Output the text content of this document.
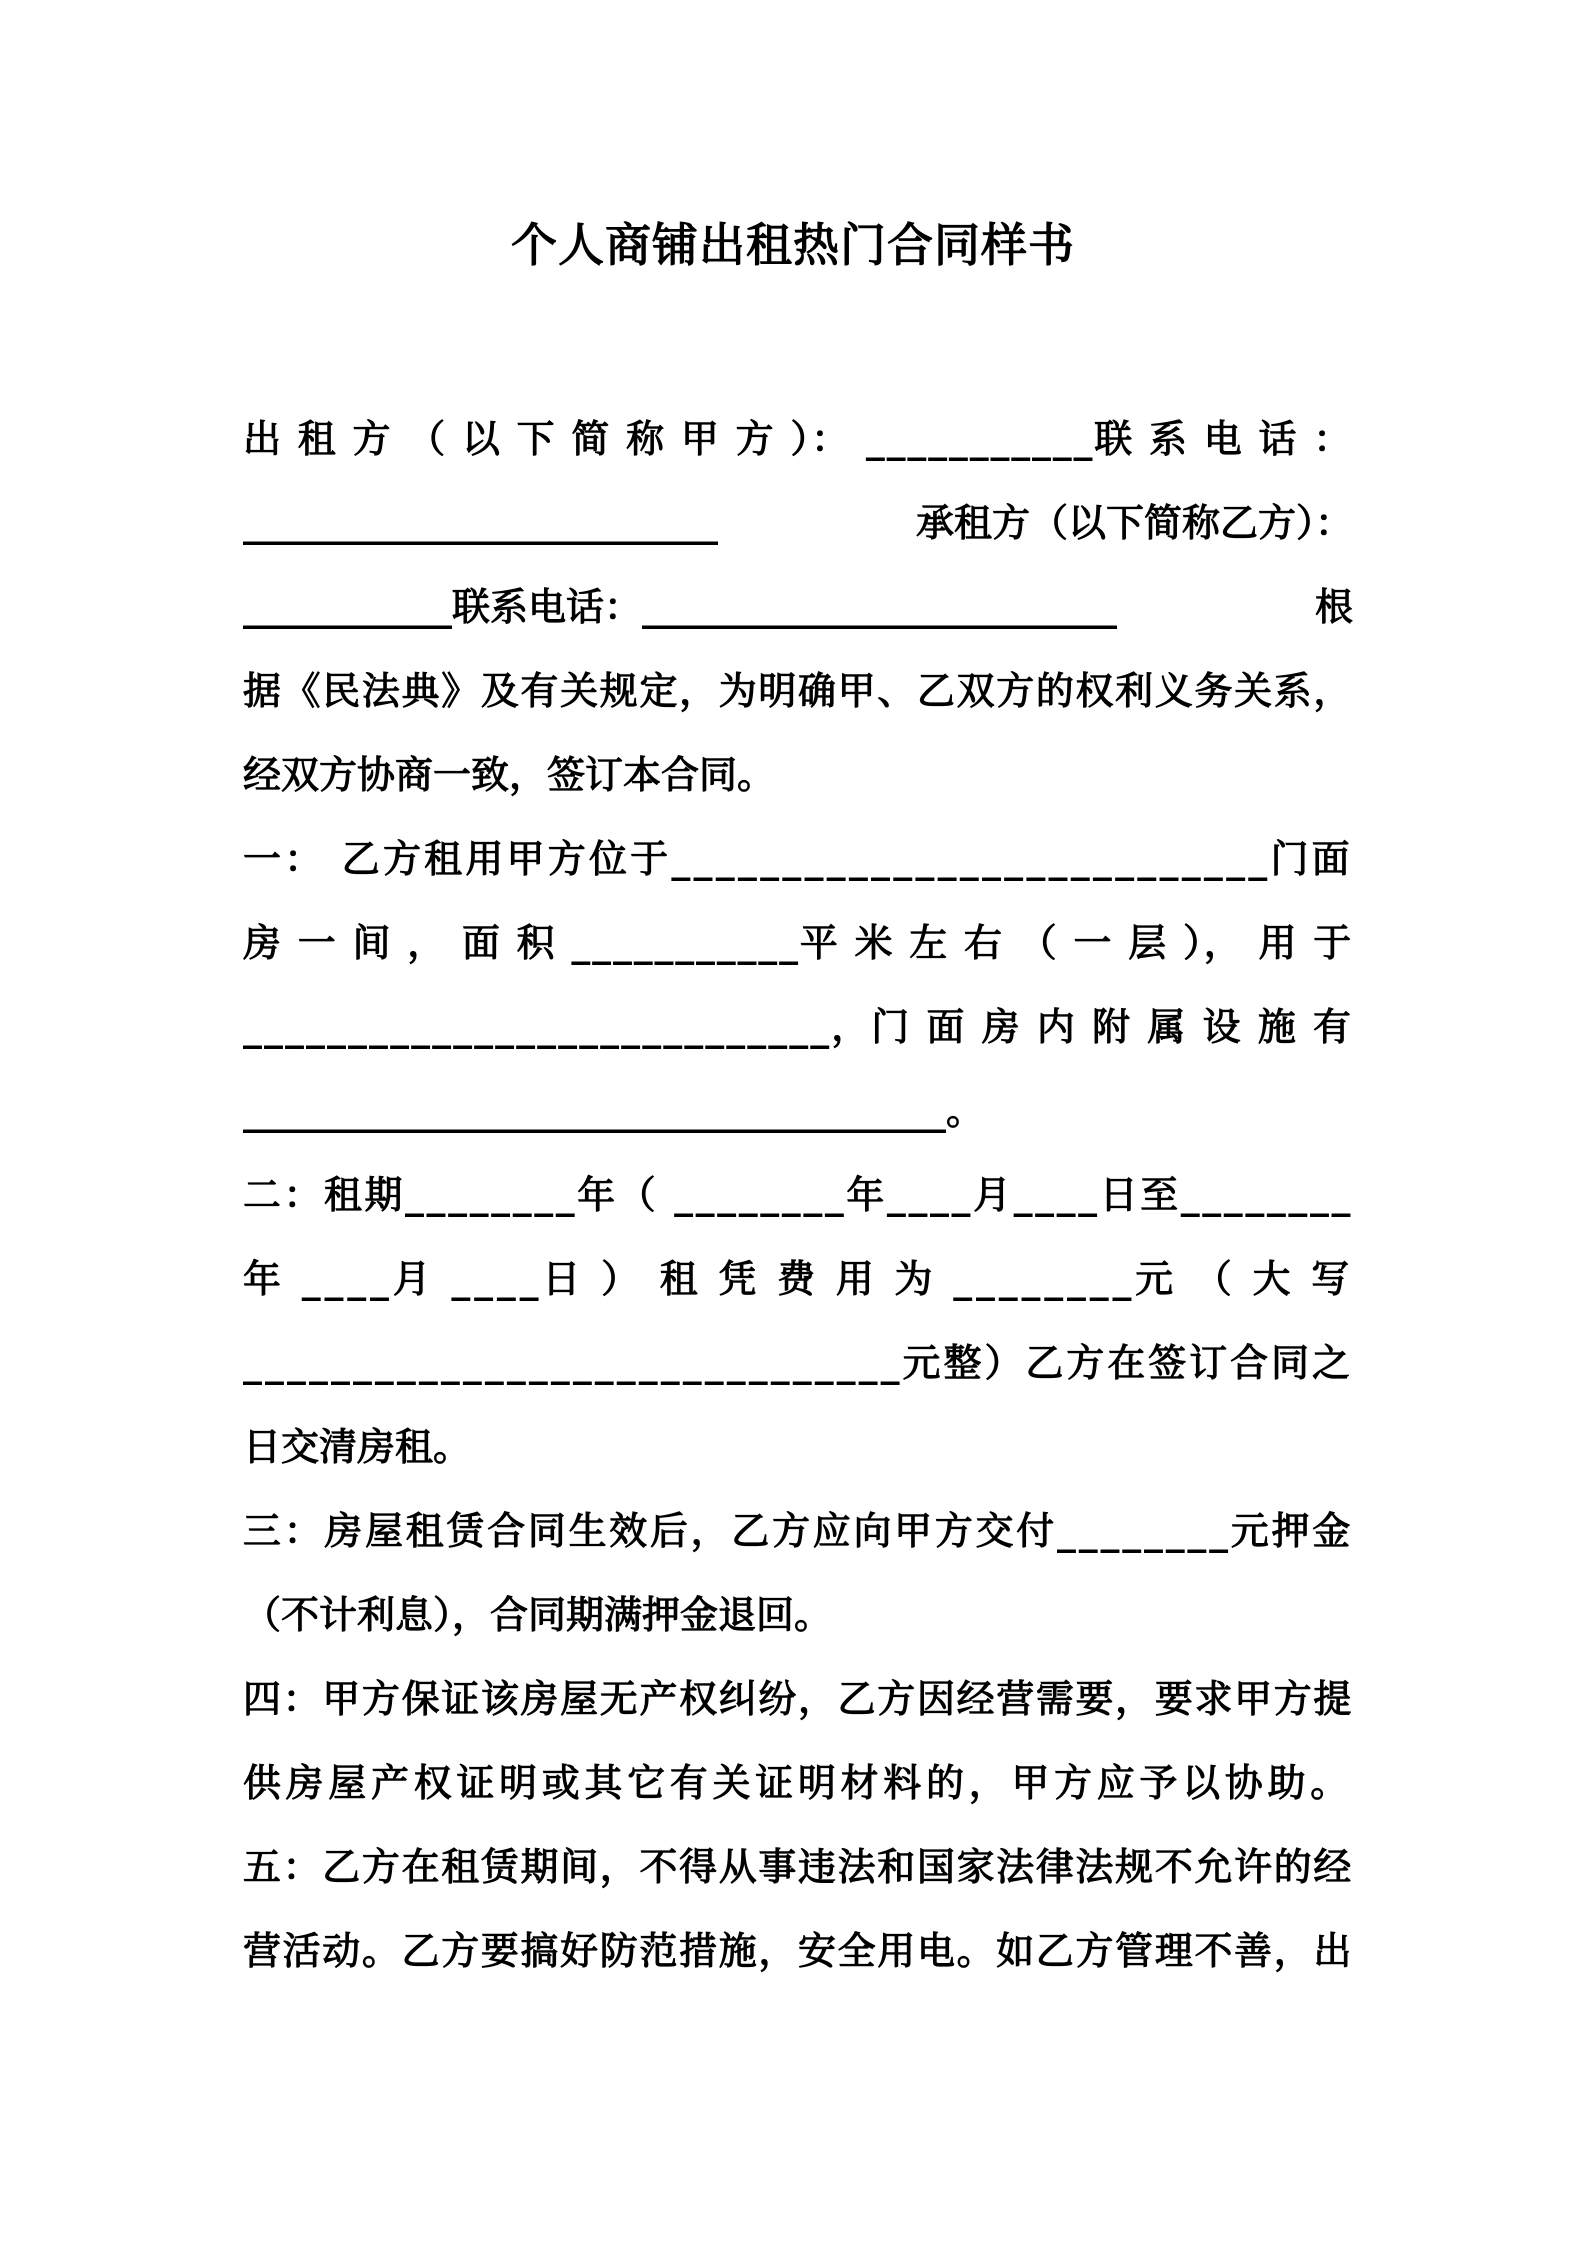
个人商铺出租热门合同样书
出 租 方 （ 以 下 简 称 甲 方 ）： ___________联 系 电 话 ：
_________________________	承租方（以下简称乙方）：
___________联系电话：_________________________	根
据《民法典》及有关规定，为明确甲、乙双方的权利义务关系，
经双方协商一致，签订本合同。
一： 乙方租用甲方位于___________________________门面
房 一 间 ， 面 积 ___________平 米 左 右 （ 一 层 ）， 用 于
____________________________，门 面 房 内 附 属 设 施 有
_____________________________________。
二：租期________年（ ________年____月____日至________
年 ____月 ____日 ） 租 凭 费 用 为 ________元 （ 大 写
______________________________元整）乙方在签订合同之
日交清房租。
三：房屋租赁合同生效后，乙方应向甲方交付________元押金
（不计利息），合同期满押金退回。
四：甲方保证该房屋无产权纠纷，乙方因经营需要，要求甲方提
供房屋产权证明或其它有关证明材料的，甲方应予以协助。
五：乙方在租赁期间，不得从事违法和国家法律法规不允许的经
营活动。乙方要搞好防范措施，安全用电。如乙方管理不善，出
